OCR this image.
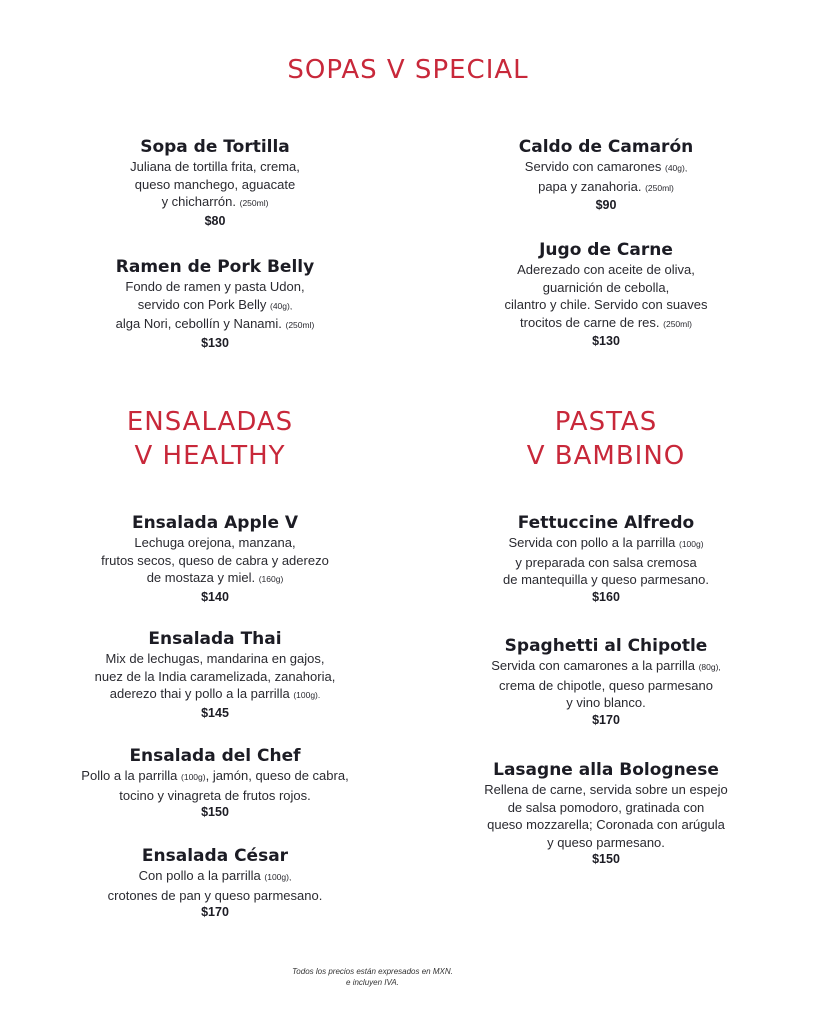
SOPAS V SPECIAL
ENSALADAS
V HEALTHY
PASTAS
V BAMBINO
Sopa de Tortilla
Juliana de tortilla frita, crema,
queso manchego, aguacate
y chicharrón. (250ml)
$80
Ramen de Pork Belly
Fondo de ramen y pasta Udon,
servido con Pork Belly (40g),
alga Nori, cebollín y Nanami. (250ml)
$130
Caldo de Camarón
Servido con camarones (40g),
papa y zanahoria. (250ml)
$90
Jugo de Carne
Aderezado con aceite de oliva,
guarnición de cebolla,
cilantro y chile. Servido con suaves
trocitos de carne de res. (250ml)
$130
Ensalada Apple V
Lechuga orejona, manzana,
frutos secos, queso de cabra y aderezo
de mostaza y miel. (160g)
$140
Ensalada Thai
Mix de lechugas, mandarina en gajos,
nuez de la India caramelizada, zanahoria,
aderezo thai y pollo a la parrilla (100g).
$145
Ensalada del Chef
Pollo a la parrilla (100g), jamón, queso de cabra,
tocino y vinagreta de frutos rojos.
$150
Ensalada César
Con pollo a la parrilla (100g),
crotones de pan y queso parmesano.
$170
Fettuccine Alfredo
Servida con pollo a la parrilla (100g)
y preparada con salsa cremosa
de mantequilla y queso parmesano.
$160
Spaghetti al Chipotle
Servida con camarones a la parrilla (80g),
crema de chipotle, queso parmesano
y vino blanco.
$170
Lasagne alla Bolognese
Rellena de carne, servida sobre un espejo
de salsa pomodoro, gratinada con
queso mozzarella; Coronada con arúgula
y queso parmesano.
$150
Todos los precios están expresados en MXN.
e incluyen IVA.
